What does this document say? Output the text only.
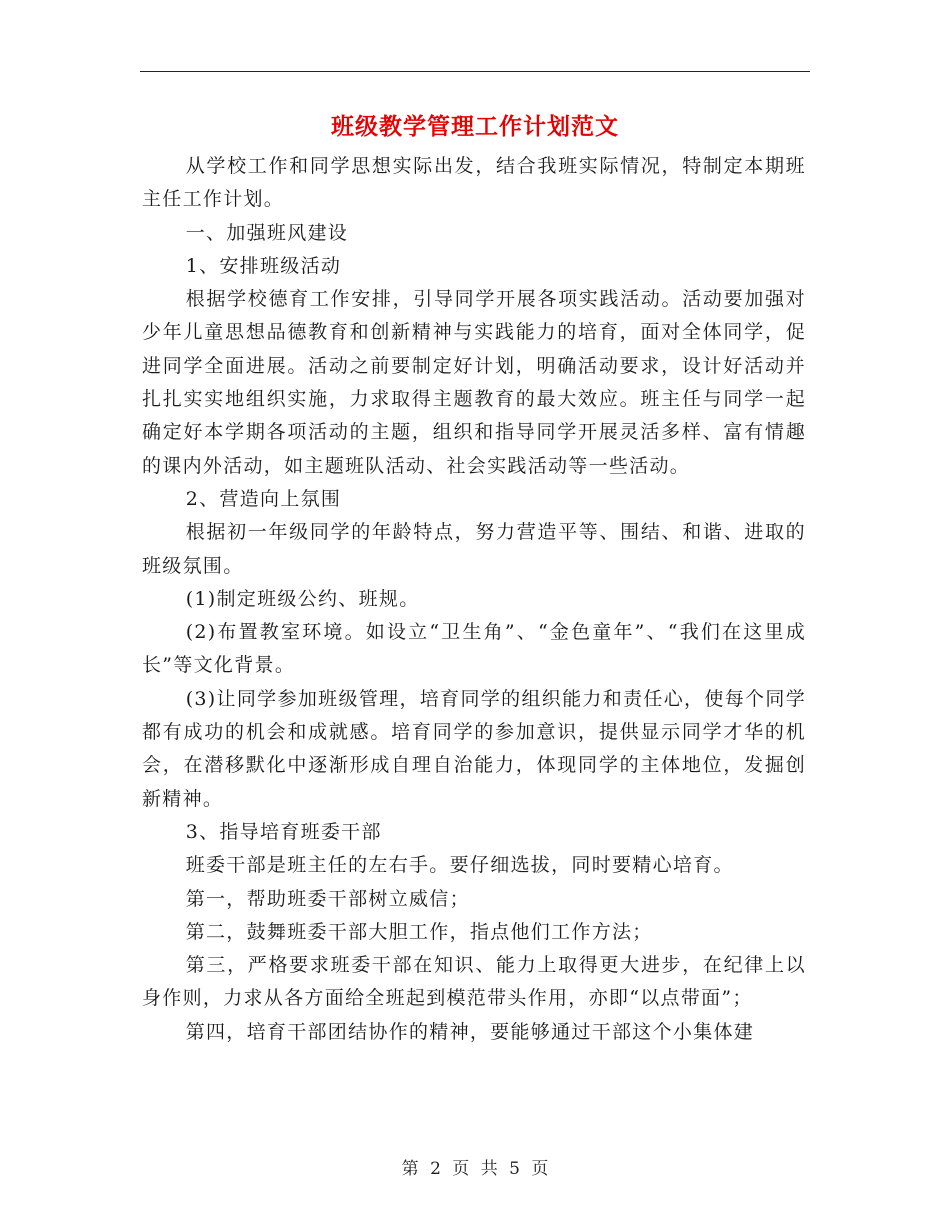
班级教学管理工作计划范文

从学校工作和同学思想实际出发，结合我班实际情况，特制定本期班主任工作计划。

一、加强班风建设

1、安排班级活动

根据学校德育工作安排，引导同学开展各项实践活动。活动要加强对少年儿童思想品德教育和创新精神与实践能力的培育，面对全体同学，促进同学全面进展。活动之前要制定好计划，明确活动要求，设计好活动并扎扎实实地组织实施，力求取得主题教育的最大效应。班主任与同学一起确定好本学期各项活动的主题，组织和指导同学开展灵活多样、富有情趣的课内外活动，如主题班队活动、社会实践活动等一些活动。

2、营造向上氛围

根据初一年级同学的年龄特点，努力营造平等、围结、和谐、进取的班级氛围。

(1)制定班级公约、班规。

(2)布置教室环境。如设立“卫生角”、“金色童年”、“我们在这里成长”等文化背景。

(3)让同学参加班级管理，培育同学的组织能力和责任心，使每个同学都有成功的机会和成就感。培育同学的参加意识，提供显示同学才华的机会，在潜移默化中逐渐形成自理自治能力，体现同学的主体地位，发掘创新精神。

3、指导培育班委干部

班委干部是班主任的左右手。要仔细选拔，同时要精心培育。

第一，帮助班委干部树立威信；

第二，鼓舞班委干部大胆工作，指点他们工作方法；

第三，严格要求班委干部在知识、能力上取得更大进步，在纪律上以身作则，力求从各方面给全班起到模范带头作用，亦即“以点带面”；

第四，培育干部团结协作的精神，要能够通过干部这个小集体建

第 2 页 共 5 页
